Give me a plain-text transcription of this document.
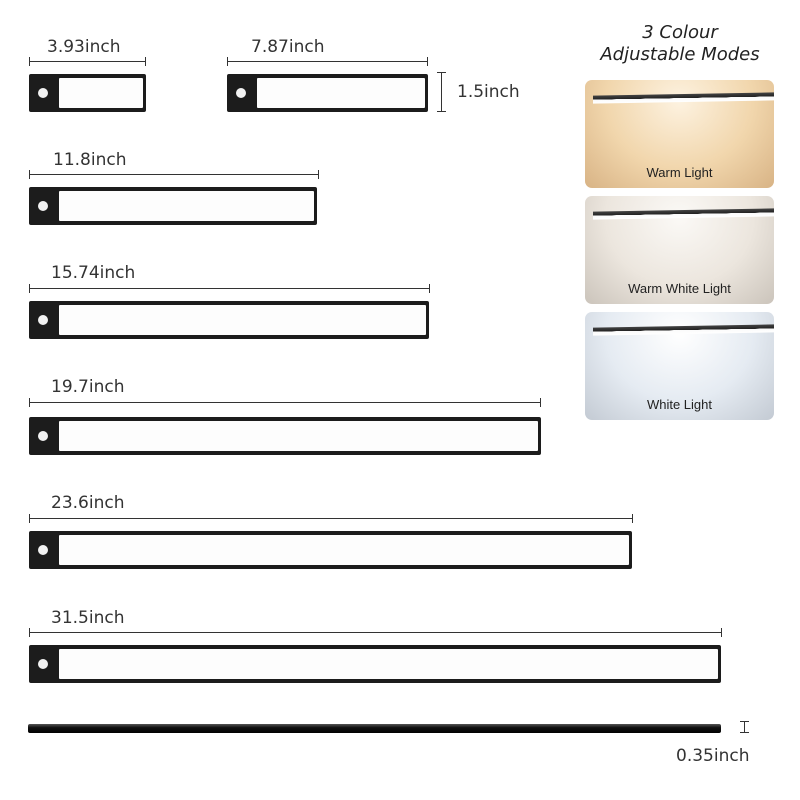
3.93inch	7.87inch
1.5inch
11.8inch
15.74inch
19.7inch
23.6inch
31.5inch
0.35inch
3 Colour
Adjustable Modes
Warm Light
Warm White Light
White Light
